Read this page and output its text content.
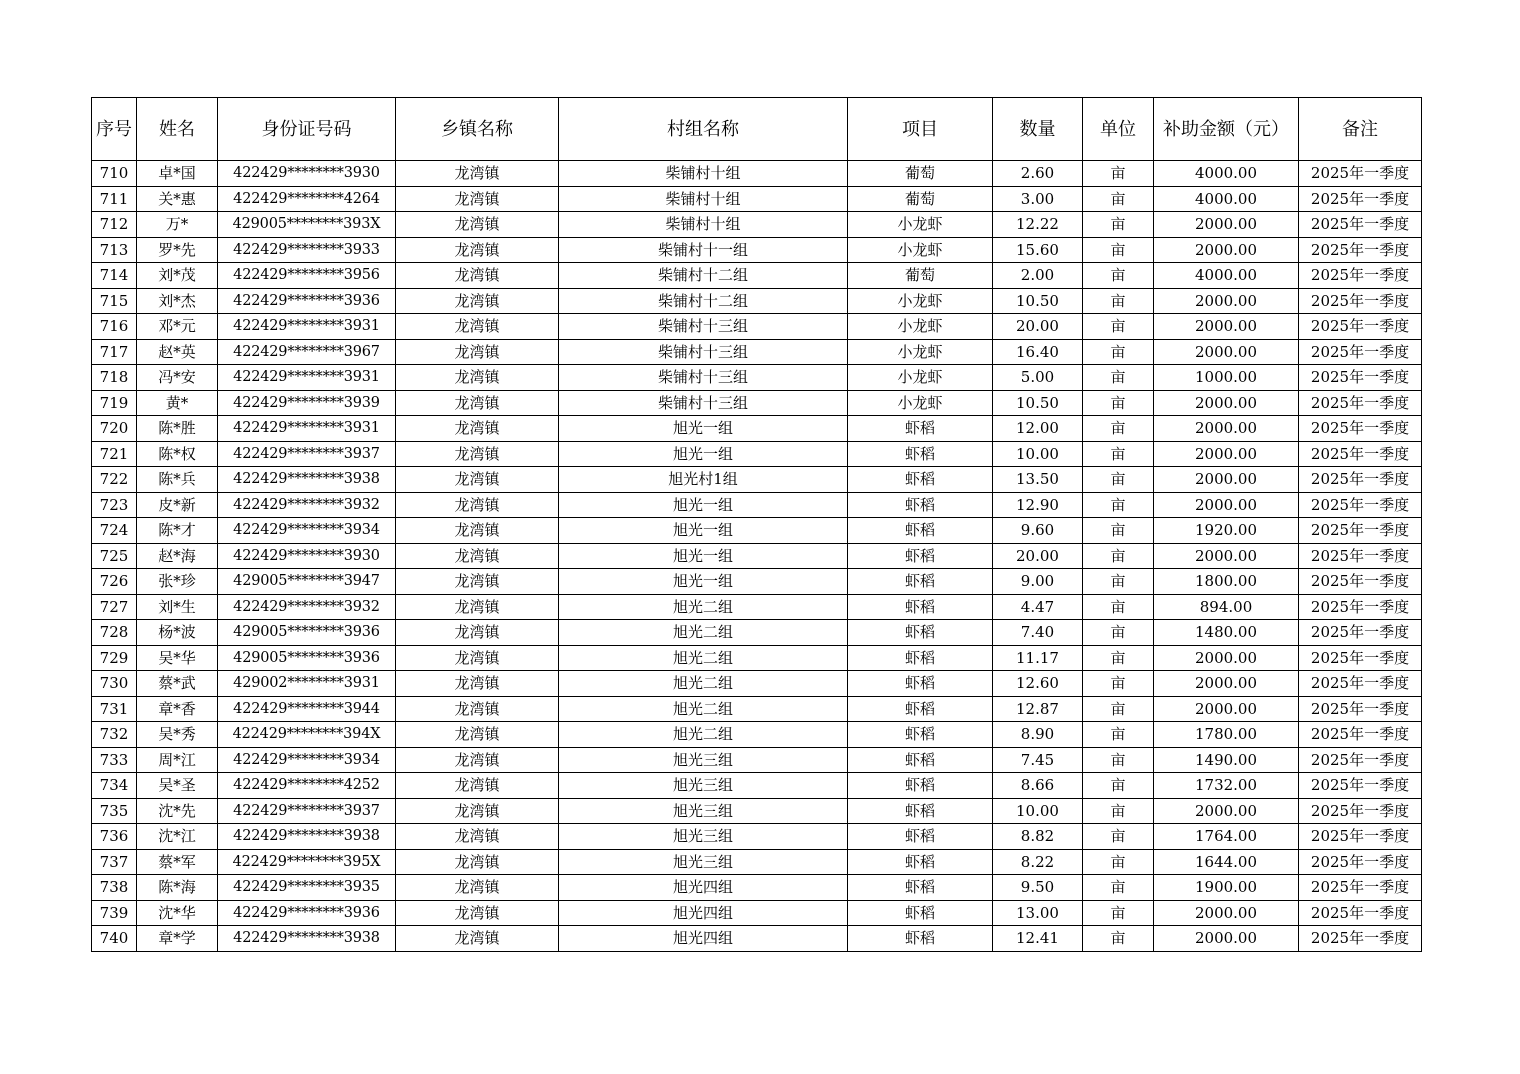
序号	姓名	身份证号码	乡镇名称	村组名称	项目	数量	单位	补助金额（元）	备注
710	卓*国	422429********3930	龙湾镇	柴铺村十组	葡萄	2.60	亩	4000.00	2025年一季度
711	关*惠	422429********4264	龙湾镇	柴铺村十组	葡萄	3.00	亩	4000.00	2025年一季度
712	万*	429005********393X	龙湾镇	柴铺村十组	小龙虾	12.22	亩	2000.00	2025年一季度
713	罗*先	422429********3933	龙湾镇	柴铺村十一组	小龙虾	15.60	亩	2000.00	2025年一季度
714	刘*茂	422429********3956	龙湾镇	柴铺村十二组	葡萄	2.00	亩	4000.00	2025年一季度
715	刘*杰	422429********3936	龙湾镇	柴铺村十二组	小龙虾	10.50	亩	2000.00	2025年一季度
716	邓*元	422429********3931	龙湾镇	柴铺村十三组	小龙虾	20.00	亩	2000.00	2025年一季度
717	赵*英	422429********3967	龙湾镇	柴铺村十三组	小龙虾	16.40	亩	2000.00	2025年一季度
718	冯*安	422429********3931	龙湾镇	柴铺村十三组	小龙虾	5.00	亩	1000.00	2025年一季度
719	黄*	422429********3939	龙湾镇	柴铺村十三组	小龙虾	10.50	亩	2000.00	2025年一季度
720	陈*胜	422429********3931	龙湾镇	旭光一组	虾稻	12.00	亩	2000.00	2025年一季度
721	陈*权	422429********3937	龙湾镇	旭光一组	虾稻	10.00	亩	2000.00	2025年一季度
722	陈*兵	422429********3938	龙湾镇	旭光村1组	虾稻	13.50	亩	2000.00	2025年一季度
723	皮*新	422429********3932	龙湾镇	旭光一组	虾稻	12.90	亩	2000.00	2025年一季度
724	陈*才	422429********3934	龙湾镇	旭光一组	虾稻	9.60	亩	1920.00	2025年一季度
725	赵*海	422429********3930	龙湾镇	旭光一组	虾稻	20.00	亩	2000.00	2025年一季度
726	张*珍	429005********3947	龙湾镇	旭光一组	虾稻	9.00	亩	1800.00	2025年一季度
727	刘*生	422429********3932	龙湾镇	旭光二组	虾稻	4.47	亩	894.00	2025年一季度
728	杨*波	429005********3936	龙湾镇	旭光二组	虾稻	7.40	亩	1480.00	2025年一季度
729	吴*华	429005********3936	龙湾镇	旭光二组	虾稻	11.17	亩	2000.00	2025年一季度
730	蔡*武	429002********3931	龙湾镇	旭光二组	虾稻	12.60	亩	2000.00	2025年一季度
731	章*香	422429********3944	龙湾镇	旭光二组	虾稻	12.87	亩	2000.00	2025年一季度
732	吴*秀	422429********394X	龙湾镇	旭光二组	虾稻	8.90	亩	1780.00	2025年一季度
733	周*江	422429********3934	龙湾镇	旭光三组	虾稻	7.45	亩	1490.00	2025年一季度
734	吴*圣	422429********4252	龙湾镇	旭光三组	虾稻	8.66	亩	1732.00	2025年一季度
735	沈*先	422429********3937	龙湾镇	旭光三组	虾稻	10.00	亩	2000.00	2025年一季度
736	沈*江	422429********3938	龙湾镇	旭光三组	虾稻	8.82	亩	1764.00	2025年一季度
737	蔡*军	422429********395X	龙湾镇	旭光三组	虾稻	8.22	亩	1644.00	2025年一季度
738	陈*海	422429********3935	龙湾镇	旭光四组	虾稻	9.50	亩	1900.00	2025年一季度
739	沈*华	422429********3936	龙湾镇	旭光四组	虾稻	13.00	亩	2000.00	2025年一季度
740	章*学	422429********3938	龙湾镇	旭光四组	虾稻	12.41	亩	2000.00	2025年一季度
